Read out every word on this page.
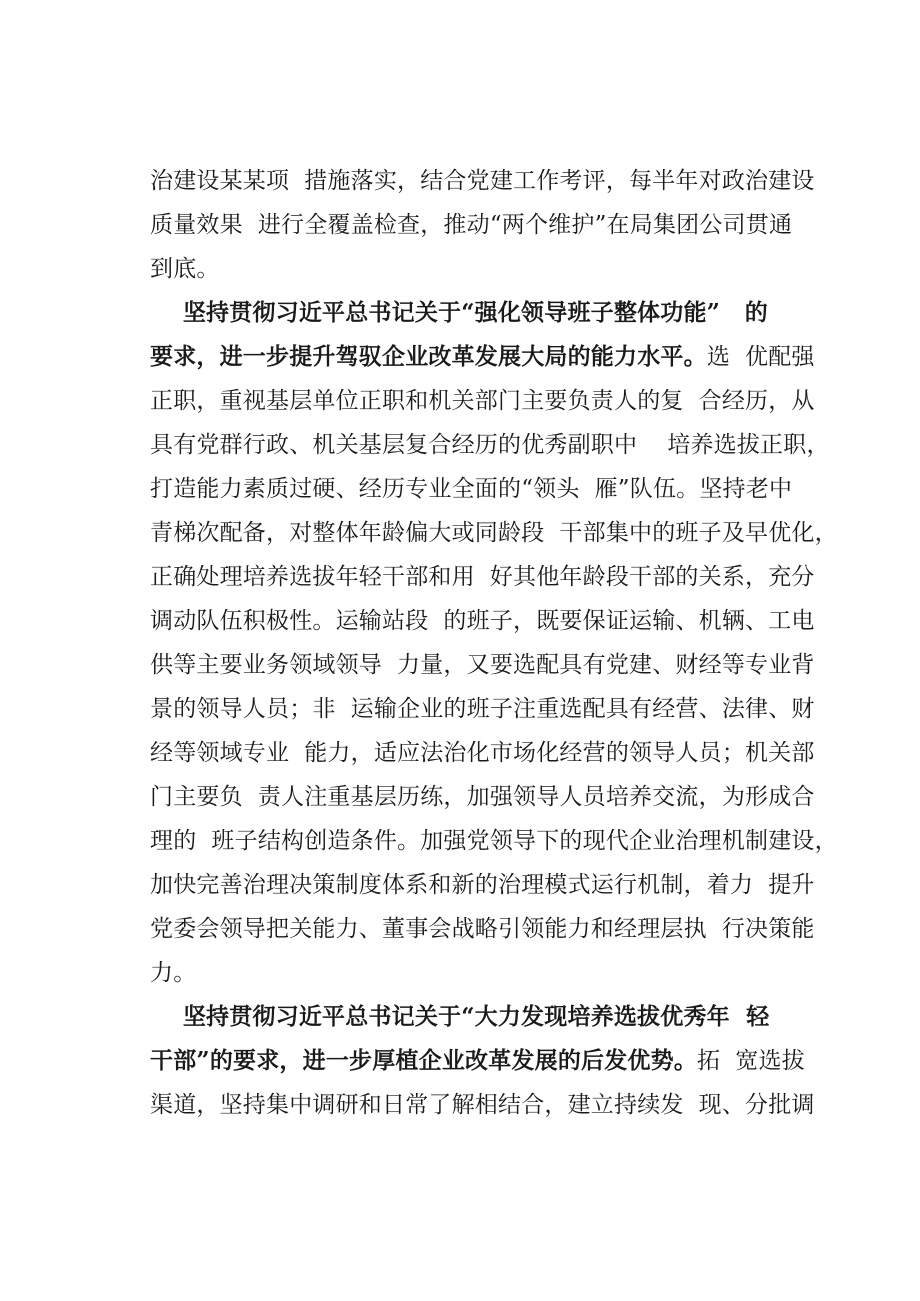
治建设某某项  措施落实，结合党建工作考评，每半年对政治建设
质量效果  进行全覆盖检查，推动“两个维护”在局集团公司贯通
到底。
坚持贯彻习近平总书记关于“强化领导班子整体功能”   的
要求，进一步提升驾驭企业改革发展大局的能力水平。选  优配强
正职，重视基层单位正职和机关部门主要负责人的复  合经历，从
具有党群行政、机关基层复合经历的优秀副职中    培养选拔正职，
打造能力素质过硬、经历专业全面的“领头  雁”队伍。坚持老中
青梯次配备，对整体年龄偏大或同龄段  干部集中的班子及早优化，
正确处理培养选拔年轻干部和用  好其他年龄段干部的关系，充分
调动队伍积极性。运输站段  的班子，既要保证运输、机辆、工电
供等主要业务领域领导  力量，又要选配具有党建、财经等专业背
景的领导人员；非  运输企业的班子注重选配具有经营、法律、财
经等领域专业  能力，适应法治化市场化经营的领导人员；机关部
门主要负  责人注重基层历练，加强领导人员培养交流，为形成合
理的  班子结构创造条件。加强党领导下的现代企业治理机制建设，
加快完善治理决策制度体系和新的治理模式运行机制，着力  提升
党委会领导把关能力、董事会战略引领能力和经理层执  行决策能
力。
坚持贯彻习近平总书记关于“大力发现培养选拔优秀年  轻
干部”的要求，进一步厚植企业改革发展的后发优势。拓  宽选拔
渠道，坚持集中调研和日常了解相结合，建立持续发  现、分批调
